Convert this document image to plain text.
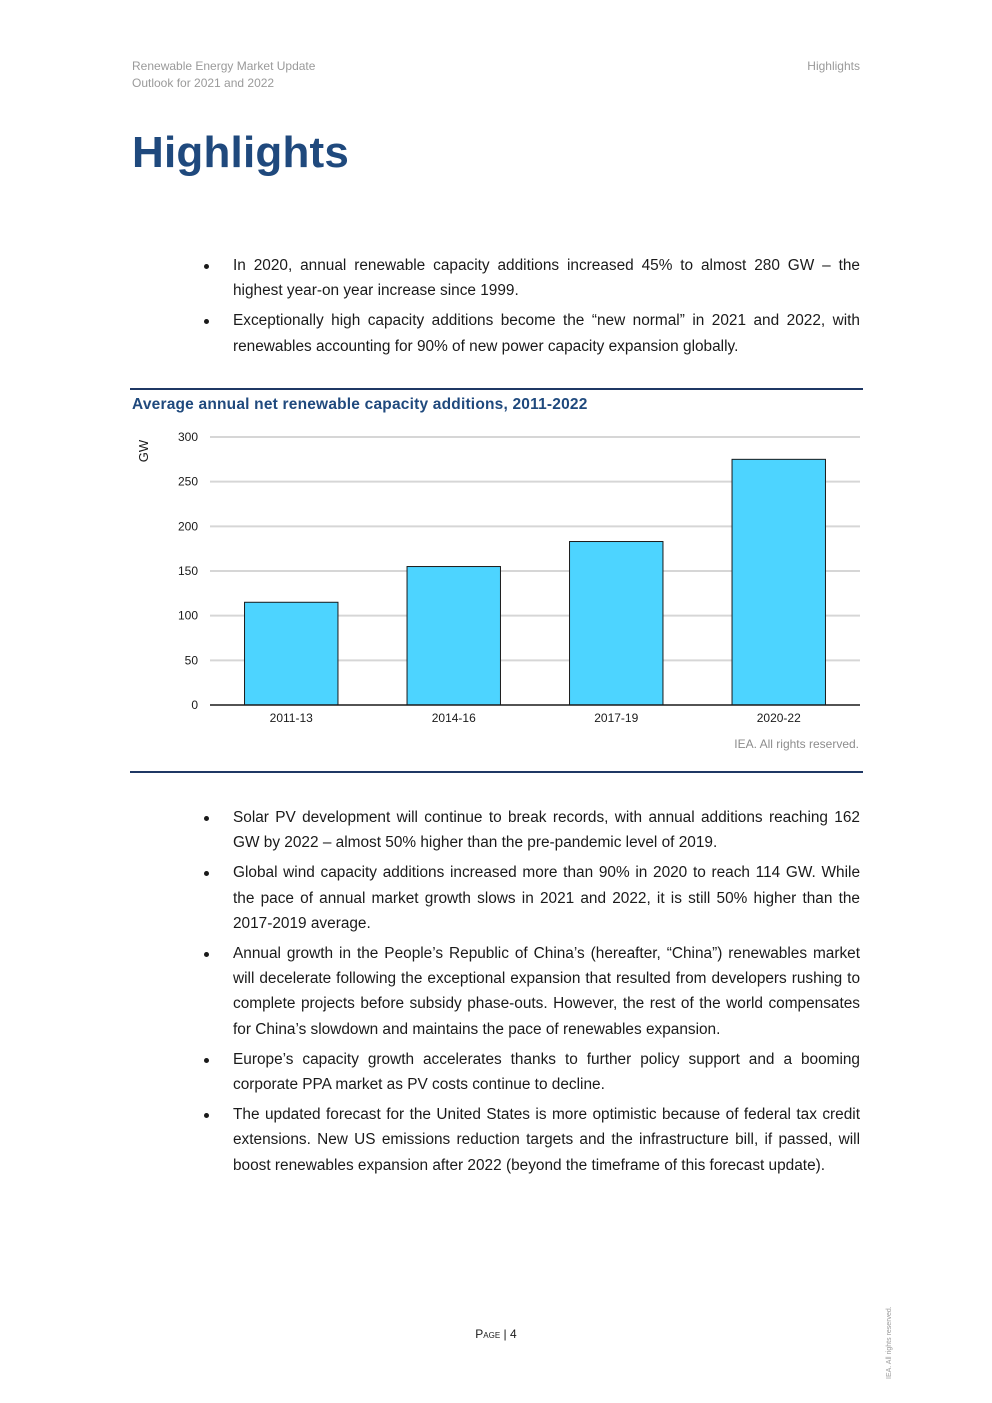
Renewable Energy Market Update
Outlook for 2021 and 2022
Highlights
Highlights
In 2020, annual renewable capacity additions increased 45% to almost 280 GW – the highest year-on year increase since 1999.
Exceptionally high capacity additions become the “new normal” in 2021 and 2022, with renewables accounting for 90% of new power capacity expansion globally.
Average annual net renewable capacity additions, 2011-2022
0
50
100
150
200
250
300
GW
2011-13	2014-16	2017-19	2020-22
IEA. All rights reserved.
Solar PV development will continue to break records, with annual additions reaching 162 GW by 2022 – almost 50% higher than the pre-pandemic level of 2019.
Global wind capacity additions increased more than 90% in 2020 to reach 114 GW. While the pace of annual market growth slows in 2021 and 2022, it is still 50% higher than the 2017-2019 average.
Annual growth in the People’s Republic of China’s (hereafter, “China”) renewables market will decelerate following the exceptional expansion that resulted from developers rushing to complete projects before subsidy phase-outs. However, the rest of the world compensates for China’s slowdown and maintains the pace of renewables expansion.
Europe’s capacity growth accelerates thanks to further policy support and a booming corporate PPA market as PV costs continue to decline.
The updated forecast for the United States is more optimistic because of federal tax credit extensions. New US emissions reduction targets and the infrastructure bill, if passed, will boost renewables expansion after 2022 (beyond the timeframe of this forecast update).
Page | 4	IEA. All rights reserved.
